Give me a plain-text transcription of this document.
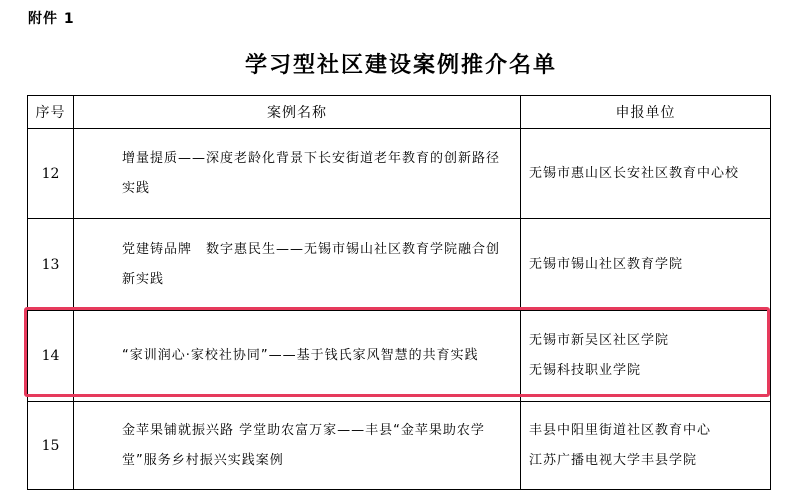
附件 1
学习型社区建设案例推介名单
序号	案例名称	申报单位
12	增量提质——深度老龄化背景下长安街道老年教育的创新路径实践	无锡市惠山区长安社区教育中心校

13	党建铸品牌　数字惠民生——无锡市锡山社区教育学院融合创新实践	无锡市锡山社区教育学院

14	“家训润心·家校社协同”——基于钱氏家风智慧的共育实践	无锡市新吴区社区学院
无锡科技职业学院

15	金苹果铺就振兴路 学堂助农富万家——丰县“金苹果助农学堂”服务乡村振兴实践案例	丰县中阳里街道社区教育中心
江苏广播电视大学丰县学院
